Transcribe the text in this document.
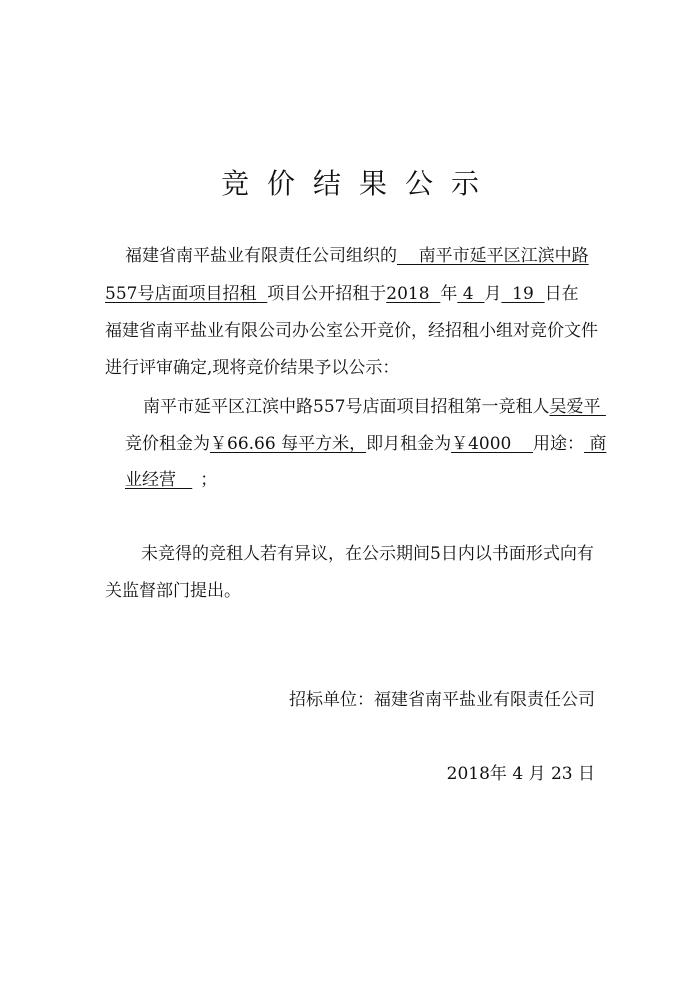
竞价结果公示
福建省南平盐业有限责任公司组织的    南平市延平区江滨中路
557号店面项目招租  项目公开招租于2018  年 4  月  19  日在
福建省南平盐业有限公司办公室公开竞价，经招租小组对竞价文件
进行评审确定,现将竞价结果予以公示：
南平市延平区江滨中路557号店面项目招租第一竞租人吴爱平
竞价租金为￥66.66 每平方米，即月租金为￥4000    用途： 商
业经营   ；
未竞得的竞租人若有异议，在公示期间5日内以书面形式向有
关监督部门提出。
招标单位：福建省南平盐业有限责任公司
2018年 4 月 23 日
